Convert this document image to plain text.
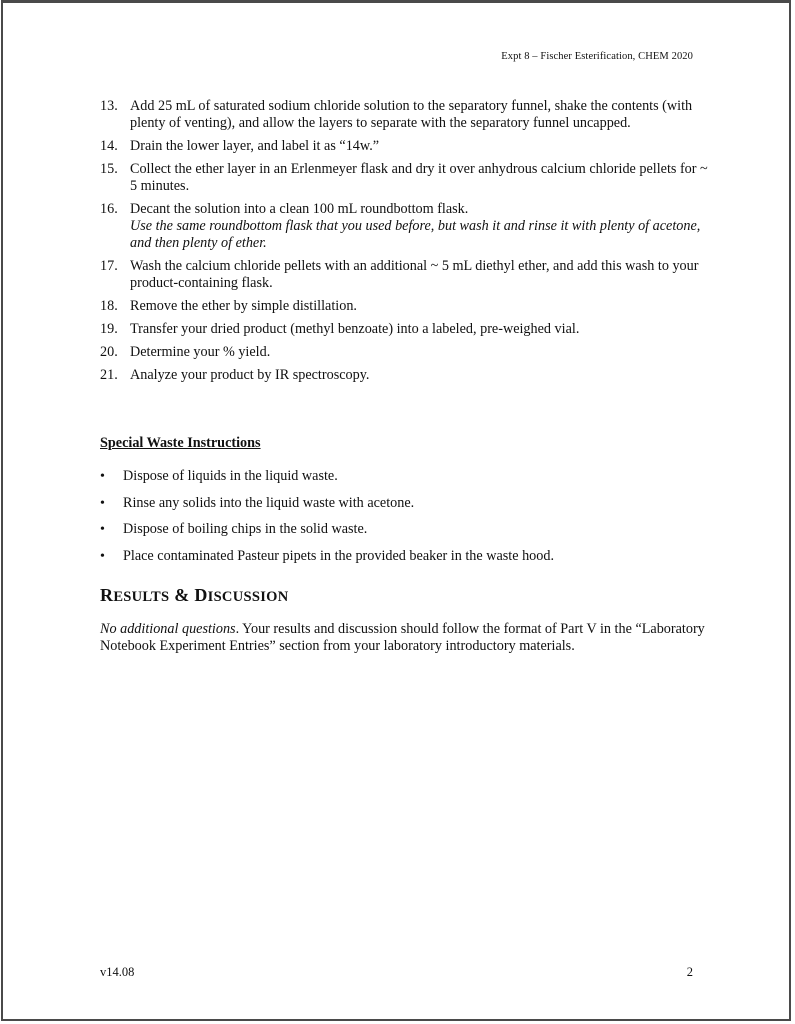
Expt 8 – Fischer Esterification, CHEM 2020
13. Add 25 mL of saturated sodium chloride solution to the separatory funnel, shake the contents (with plenty of venting), and allow the layers to separate with the separatory funnel uncapped.
14. Drain the lower layer, and label it as “14w.”
15. Collect the ether layer in an Erlenmeyer flask and dry it over anhydrous calcium chloride pellets for ~ 5 minutes.
16. Decant the solution into a clean 100 mL roundbottom flask.
Use the same roundbottom flask that you used before, but wash it and rinse it with plenty of acetone, and then plenty of ether.
17. Wash the calcium chloride pellets with an additional ~ 5 mL diethyl ether, and add this wash to your product-containing flask.
18. Remove the ether by simple distillation.
19. Transfer your dried product (methyl benzoate) into a labeled, pre-weighed vial.
20. Determine your % yield.
21. Analyze your product by IR spectroscopy.
Special Waste Instructions
•	Dispose of liquids in the liquid waste.
•	Rinse any solids into the liquid waste with acetone.
•	Dispose of boiling chips in the solid waste.
•	Place contaminated Pasteur pipets in the provided beaker in the waste hood.
RESULTS & DISCUSSION

No additional questions. Your results and discussion should follow the format of Part V in the “Laboratory Notebook Experiment Entries” section from your laboratory introductory materials.

v14.08	2
